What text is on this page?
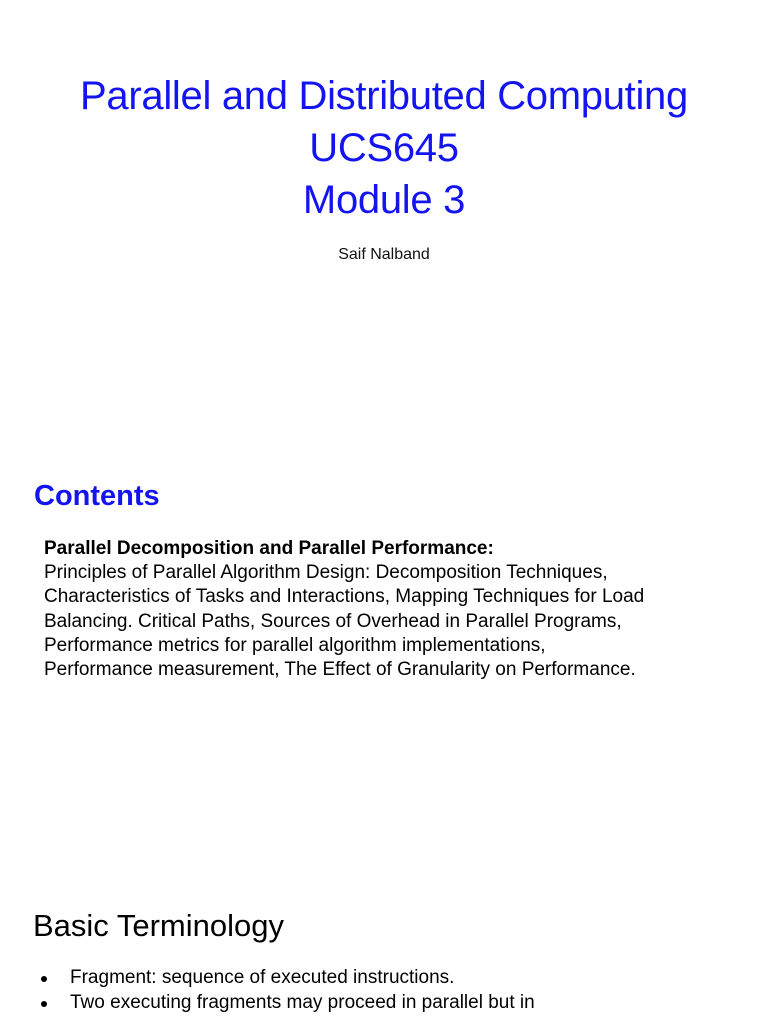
Parallel and Distributed Computing
UCS645
Module 3
Saif Nalband
Contents
Parallel Decomposition and Parallel Performance:
Principles of Parallel Algorithm Design: Decomposition Techniques,
Characteristics of Tasks and Interactions, Mapping Techniques for Load
Balancing. Critical Paths, Sources of Overhead in Parallel Programs,
Performance metrics for parallel algorithm implementations,
Performance measurement, The Effect of Granularity on Performance.
Basic Terminology
Fragment: sequence of executed instructions.
Two executing fragments may proceed in parallel but in
